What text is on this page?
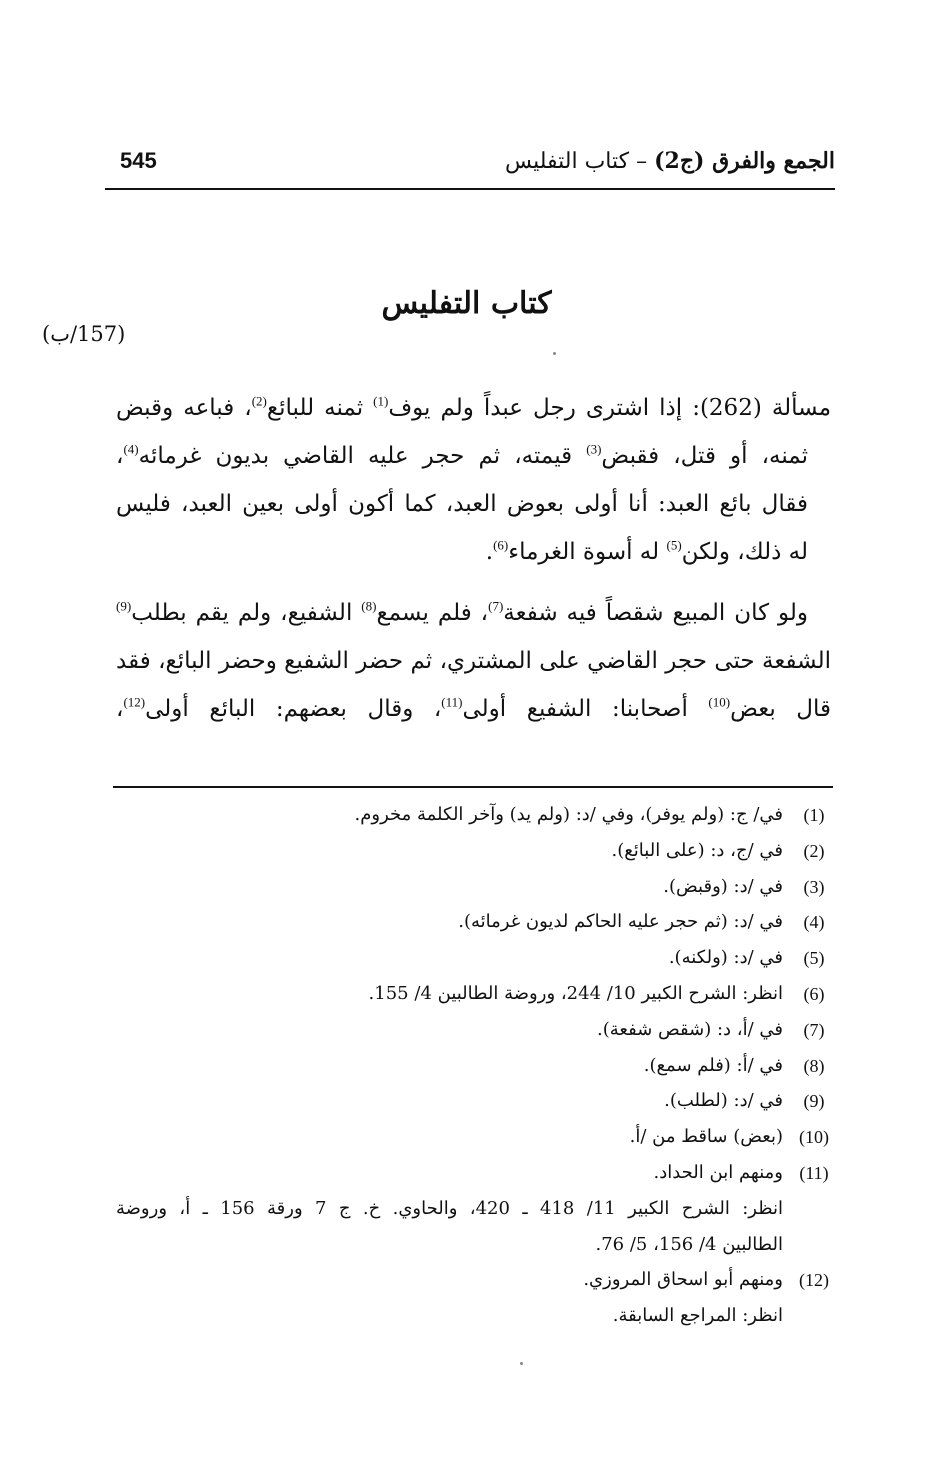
الجمع والفرق (ج2) – كتاب التفليس
545
كتاب التفليس
(157/ب)
مسألة (262): إذا اشترى رجل عبداً ولم يوف$^{(1)}$ ثمنه للبائع$^{(2)}$، فباعه وقبض
ثمنه، أو قتل، فقبض$^{(3)}$ قيمته، ثم حجر عليه القاضي بديون غرمائه$^{(4)}$،
فقال بائع العبد: أنا أولى بعوض العبد، كما أكون أولى بعين العبد، فليس
له ذلك، ولكن$^{(5)}$ له أسوة الغرماء$^{(6)}$.
ولو كان المبيع شقصاً فيه شفعة$^{(7)}$، فلم يسمع$^{(8)}$ الشفيع، ولم يقم بطلب$^{(9)}$
الشفعة حتى حجر القاضي على المشتري، ثم حضر الشفيع وحضر البائع، فقد
قال بعض$^{(10)}$ أصحابنا: الشفيع أولى$^{(11)}$، وقال بعضهم: البائع أولى$^{(12)}$،
(1)
في/ ج: (ولم يوفر)، وفي /د: (ولم يد) وآخر الكلمة مخروم.
(2)
في /ج، د: (على البائع).
(3)
في /د: (وقبض).
(4)
في /د: (ثم حجر عليه الحاكم لديون غرمائه).
(5)
في /د: (ولكنه).
(6)
انظر: الشرح الكبير 10/ 244، وروضة الطالبين 4/ 155.
(7)
في /أ، د: (شقص شفعة).
(8)
في /أ: (فلم سمع).
(9)
في /د: (لطلب).
(10)
(بعض) ساقط من /أ.
(11)
ومنهم ابن الحداد.
انظر: الشرح الكبير 11/ 418 ـ 420، والحاوي. خ. ج 7 ورقة 156 ـ أ، وروضة
الطالبين 4/ 156، 5/ 76.
(12)
ومنهم أبو اسحاق المروزي.
انظر: المراجع السابقة.
